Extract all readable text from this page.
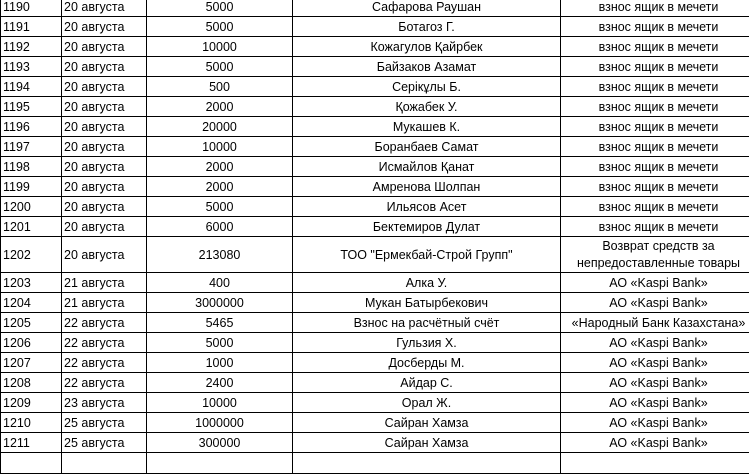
1190	20 августа	5000	Сафарова Раушан	взнос ящик в мечети
1191	20 августа	5000	Ботагоз Г.	взнос ящик в мечети
1192	20 августа	10000	Кожагулов Қайрбек	взнос ящик в мечети
1193	20 августа	5000	Байзаков Азамат	взнос ящик в мечети
1194	20 августа	500	Серікұлы Б.	взнос ящик в мечети
1195	20 августа	2000	Қожабек У.	взнос ящик в мечети
1196	20 августа	20000	Мукашев К.	взнос ящик в мечети
1197	20 августа	10000	Боранбаев Самат	взнос ящик в мечети
1198	20 августа	2000	Исмайлов Қанат	взнос ящик в мечети
1199	20 августа	2000	Амренова Шолпан	взнос ящик в мечети
1200	20 августа	5000	Ильясов Асет	взнос ящик в мечети
1201	20 августа	6000	Бектемиров Дулат	взнос ящик в мечети
1202	20 августа	213080	ТОО "Ермекбай-Строй Групп"	Возврат средств за непредоставленные товары
1203	21 августа	400	Алка У.	АО «Kaspi Bank»
1204	21 августа	3000000	Мукан Батырбекович	АО «Kaspi Bank»
1205	22 августа	5465	Взнос на расчётный счёт	«Народный Банк Казахстана»
1206	22 августа	5000	Гульзия Х.	АО «Kaspi Bank»
1207	22 августа	1000	Досберды М.	АО «Kaspi Bank»
1208	22 августа	2400	Айдар С.	АО «Kaspi Bank»
1209	23 августа	10000	Орал Ж.	АО «Kaspi Bank»
1210	25 августа	1000000	Сайран Хамза	АО «Kaspi Bank»
1211	25 августа	300000	Сайран Хамза	АО «Kaspi Bank»
